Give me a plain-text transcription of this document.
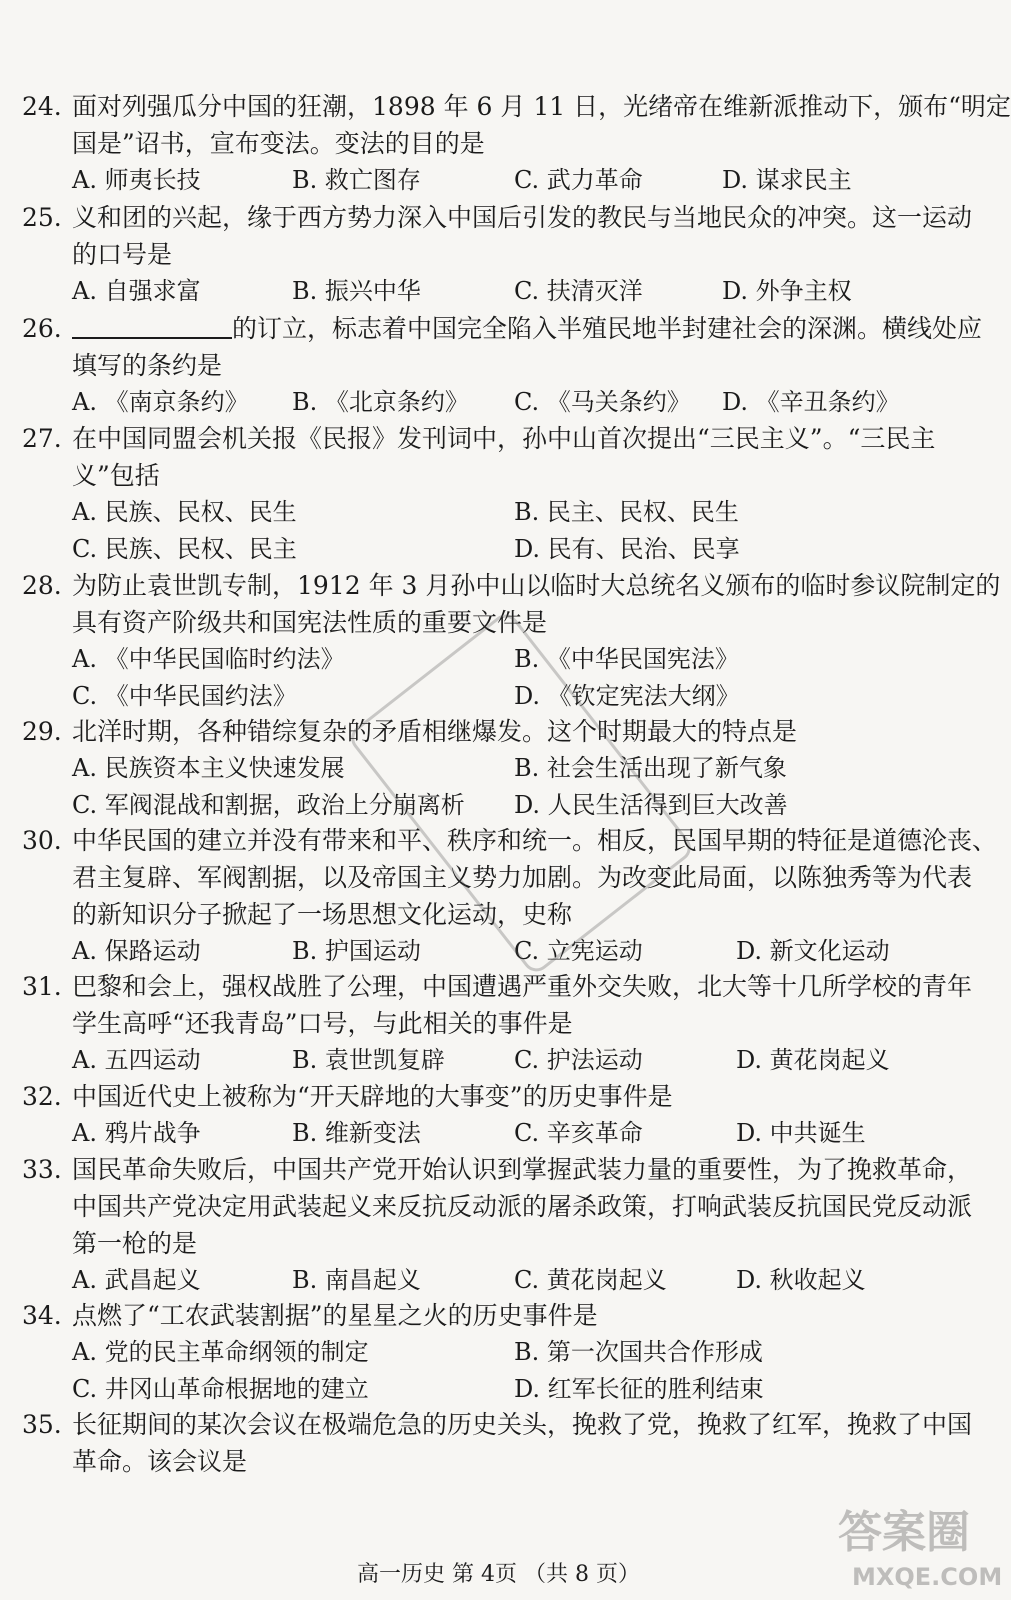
24. 面对列强瓜分中国的狂潮，1898 年 6 月 11 日，光绪帝在维新派推动下，颁布“明定
国是”诏书，宣布变法。变法的目的是
A. 师夷长技	B. 救亡图存	C. 武力革命	D. 谋求民主
25. 义和团的兴起，缘于西方势力深入中国后引发的教民与当地民众的冲突。这一运动
的口号是
A. 自强求富	B. 振兴中华	C. 扶清灭洋	D. 外争主权
26.	的订立，标志着中国完全陷入半殖民地半封建社会的深渊。横线处应
填写的条约是
A. 《南京条约》 B. 《北京条约》 C. 《马关条约》 D. 《辛丑条约》
27. 在中国同盟会机关报《民报》发刊词中，孙中山首次提出“三民主义”。“三民主
义”包括
A. 民族、民权、民生	B. 民主、民权、民生
C. 民族、民权、民主	D. 民有、民治、民享
28. 为防止袁世凯专制，1912 年 3 月孙中山以临时大总统名义颁布的临时参议院制定的
具有资产阶级共和国宪法性质的重要文件是
A. 《中华民国临时约法》	B. 《中华民国宪法》
C. 《中华民国约法》	D. 《钦定宪法大纲》
29. 北洋时期，各种错综复杂的矛盾相继爆发。这个时期最大的特点是
A. 民族资本主义快速发展	B. 社会生活出现了新气象
C. 军阀混战和割据，政治上分崩离析 D. 人民生活得到巨大改善
30. 中华民国的建立并没有带来和平、秩序和统一。相反，民国早期的特征是道德沦丧、
君主复辟、军阀割据，以及帝国主义势力加剧。为改变此局面，以陈独秀等为代表
的新知识分子掀起了一场思想文化运动，史称
A. 保路运动	B. 护国运动	C. 立宪运动	D. 新文化运动
31. 巴黎和会上，强权战胜了公理，中国遭遇严重外交失败，北大等十几所学校的青年
学生高呼“还我青岛”口号，与此相关的事件是
A. 五四运动	B. 袁世凯复辟	C. 护法运动	D. 黄花岗起义
32. 中国近代史上被称为“开天辟地的大事变”的历史事件是
A. 鸦片战争	B. 维新变法	C. 辛亥革命	D. 中共诞生
33. 国民革命失败后，中国共产党开始认识到掌握武装力量的重要性，为了挽救革命，
中国共产党决定用武装起义来反抗反动派的屠杀政策，打响武装反抗国民党反动派
第一枪的是
A. 武昌起义	B. 南昌起义	C. 黄花岗起义	D. 秋收起义
34. 点燃了“工农武装割据”的星星之火的历史事件是
A. 党的民主革命纲领的制定	B. 第一次国共合作形成
C. 井冈山革命根据地的建立	D. 红军长征的胜利结束
35. 长征期间的某次会议在极端危急的历史关头，挽救了党，挽救了红军，挽救了中国
革命。该会议是
答案圈
MXQE.COM
高一历史 第 4页 （共 8 页）
